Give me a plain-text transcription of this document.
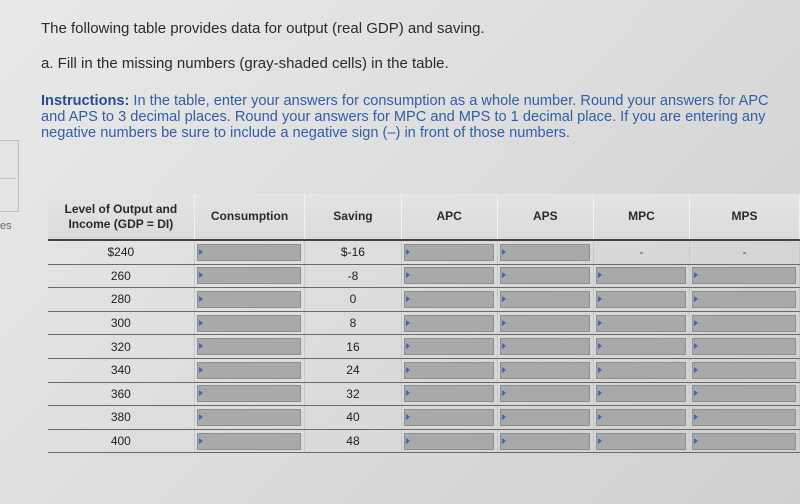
es

The following table provides data for output (real GDP) and saving.

a. Fill in the missing numbers (gray-shaded cells) in the table.

Instructions: In the table, enter your answers for consumption as a whole number. Round your answers for APC and APS to 3 decimal places. Round your answers for MPC and MPS to 1 decimal place. If you are entering any negative numbers be sure to include a negative sign (–) in front of those numbers.

Level of Output and Income (GDP = DI)	Consumption	Saving	APC	APS	MPC	MPS
$240		$-16			-	-

260		-8	

280		0	

300		8	

320		16	

340		24	

360		32	

380		40	

400		48	
